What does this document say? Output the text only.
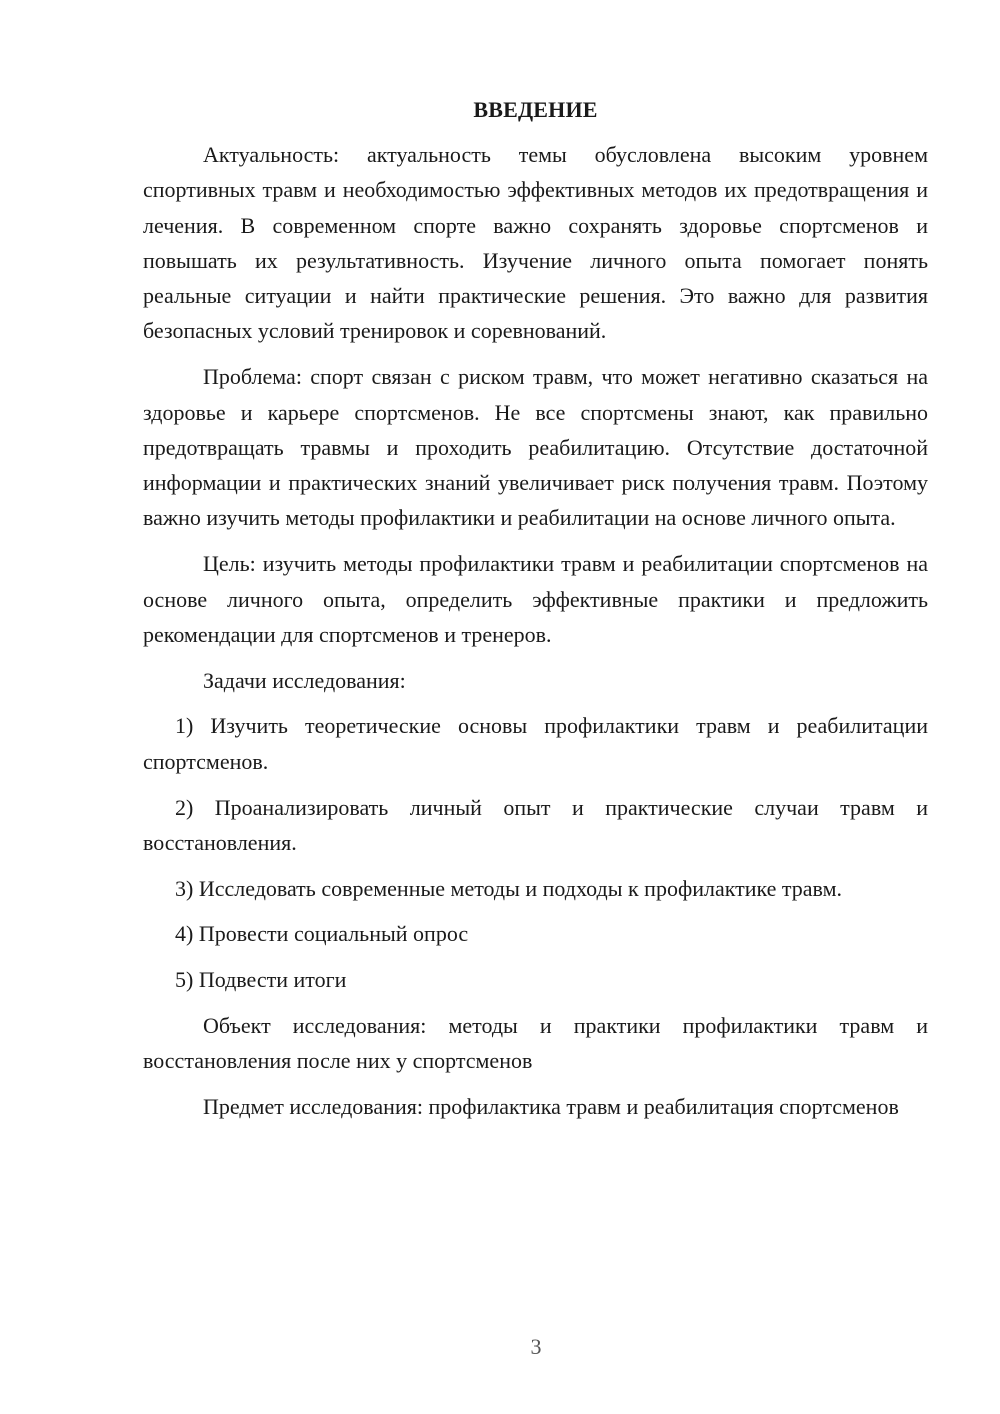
ВВЕДЕНИЕ

Актуальность: актуальность темы обусловлена высоким уровнем спортивных травм и необходимостью эффективных методов их предотвращения и лечения. В современном спорте важно сохранять здоровье спортсменов и повышать их результативность. Изучение личного опыта помогает понять реальные ситуации и найти практические решения. Это важно для развития безопасных условий тренировок и соревнований.

Проблема: спорт связан с риском травм, что может негативно сказаться на здоровье и карьере спортсменов. Не все спортсмены знают, как правильно предотвращать травмы и проходить реабилитацию. Отсутствие достаточной информации и практических знаний увеличивает риск получения травм. Поэтому важно изучить методы профилактики и реабилитации на основе личного опыта.

Цель: изучить методы профилактики травм и реабилитации спортсменов на основе личного опыта, определить эффективные практики и предложить рекомендации для спортсменов и тренеров.

Задачи исследования:

1) Изучить теоретические основы профилактики травм и реабилитации спортсменов.

2) Проанализировать личный опыт и практические случаи травм и восстановления.

3) Исследовать современные методы и подходы к профилактике травм.

4) Провести социальный опрос

5) Подвести итоги

Объект исследования: методы и практики профилактики травм и восстановления после них у спортсменов

Предмет исследования: профилактика травм и реабилитация спортсменов

3
